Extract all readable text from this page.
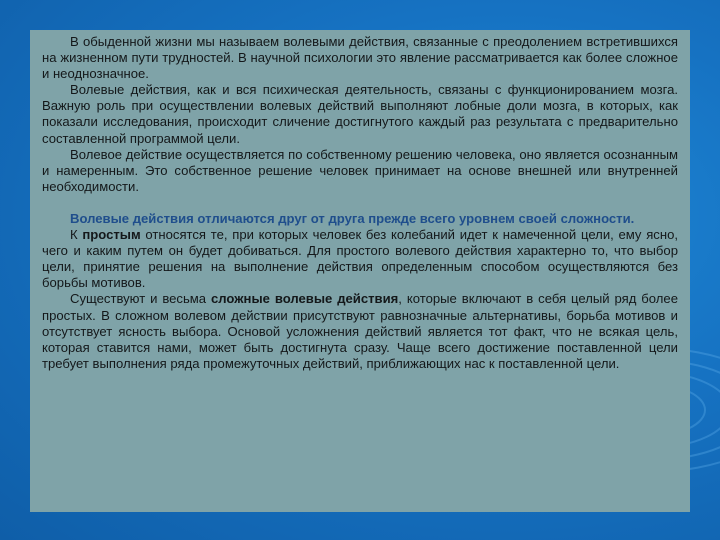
В обыденной жизни мы называем волевыми действия, связанные с преодолением встретившихся на жизненном пути трудностей. В научной психологии это явление рассматривается как более сложное и неоднозначное.

Волевые действия, как и вся психическая деятельность, связаны с функционированием мозга. Важную роль при осуществлении волевых действий выполняют лобные доли мозга, в которых, как показали исследования, происходит сличение достигнутого каждый раз результата с предварительно составленной программой цели.

Волевое действие осуществляется по собственному решению человека, оно является осознанным и намеренным. Это собственное решение человек принимает на основе внешней или внутренней необходимости.

Волевые действия отличаются друг от друга прежде всего уровнем своей сложности.

К простым относятся те, при которых человек без колебаний идет к намеченной цели, ему ясно, чего и каким путем он будет добиваться. Для простого волевого действия характерно то, что выбор цели, принятие решения на выполнение действия определенным способом осуществляются без борьбы мотивов.

Существуют и весьма сложные волевые действия, которые включают в себя целый ряд более простых. В сложном волевом действии присутствуют равнозначные альтернативы, борьба мотивов и отсутствует ясность выбора. Основой усложнения действий является тот факт, что не всякая цель, которая ставится нами, может быть достигнута сразу. Чаще всего достижение поставленной цели требует выполнения ряда промежуточных действий, приближающих нас к поставленной цели.
